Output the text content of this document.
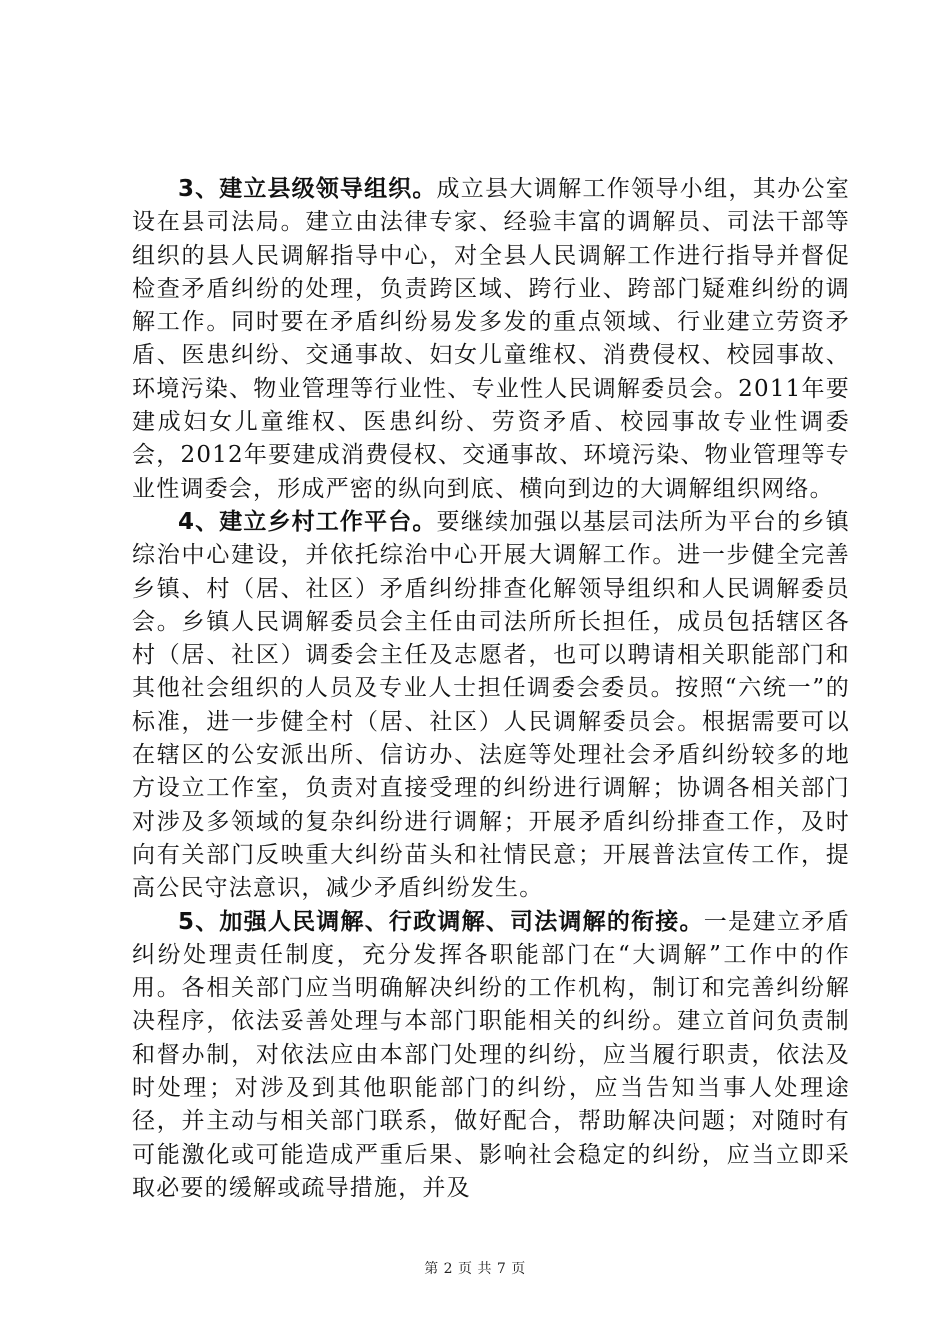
3、建立县级领导组织。成立县大调解工作领导小组，其办公室设在县司法局。建立由法律专家、经验丰富的调解员、司法干部等组织的县人民调解指导中心，对全县人民调解工作进行指导并督促检查矛盾纠纷的处理，负责跨区域、跨行业、跨部门疑难纠纷的调解工作。同时要在矛盾纠纷易发多发的重点领域、行业建立劳资矛盾、医患纠纷、交通事故、妇女儿童维权、消费侵权、校园事故、环境污染、物业管理等行业性、专业性人民调解委员会。2011年要建成妇女儿童维权、医患纠纷、劳资矛盾、校园事故专业性调委会，2012年要建成消费侵权、交通事故、环境污染、物业管理等专业性调委会，形成严密的纵向到底、横向到边的大调解组织网络。

4、建立乡村工作平台。要继续加强以基层司法所为平台的乡镇综治中心建设，并依托综治中心开展大调解工作。进一步健全完善乡镇、村（居、社区）矛盾纠纷排查化解领导组织和人民调解委员会。乡镇人民调解委员会主任由司法所所长担任，成员包括辖区各村（居、社区）调委会主任及志愿者，也可以聘请相关职能部门和其他社会组织的人员及专业人士担任调委会委员。按照“六统一”的标准，进一步健全村（居、社区）人民调解委员会。根据需要可以在辖区的公安派出所、信访办、法庭等处理社会矛盾纠纷较多的地方设立工作室，负责对直接受理的纠纷进行调解；协调各相关部门对涉及多领域的复杂纠纷进行调解；开展矛盾纠纷排查工作，及时向有关部门反映重大纠纷苗头和社情民意；开展普法宣传工作，提高公民守法意识，减少矛盾纠纷发生。

5、加强人民调解、行政调解、司法调解的衔接。一是建立矛盾纠纷处理责任制度，充分发挥各职能部门在“大调解”工作中的作用。各相关部门应当明确解决纠纷的工作机构，制订和完善纠纷解决程序，依法妥善处理与本部门职能相关的纠纷。建立首问负责制和督办制，对依法应由本部门处理的纠纷，应当履行职责，依法及时处理；对涉及到其他职能部门的纠纷，应当告知当事人处理途径，并主动与相关部门联系，做好配合，帮助解决问题；对随时有可能激化或可能造成严重后果、影响社会稳定的纠纷，应当立即采取必要的缓解或疏导措施，并及

第 2 页 共 7 页
